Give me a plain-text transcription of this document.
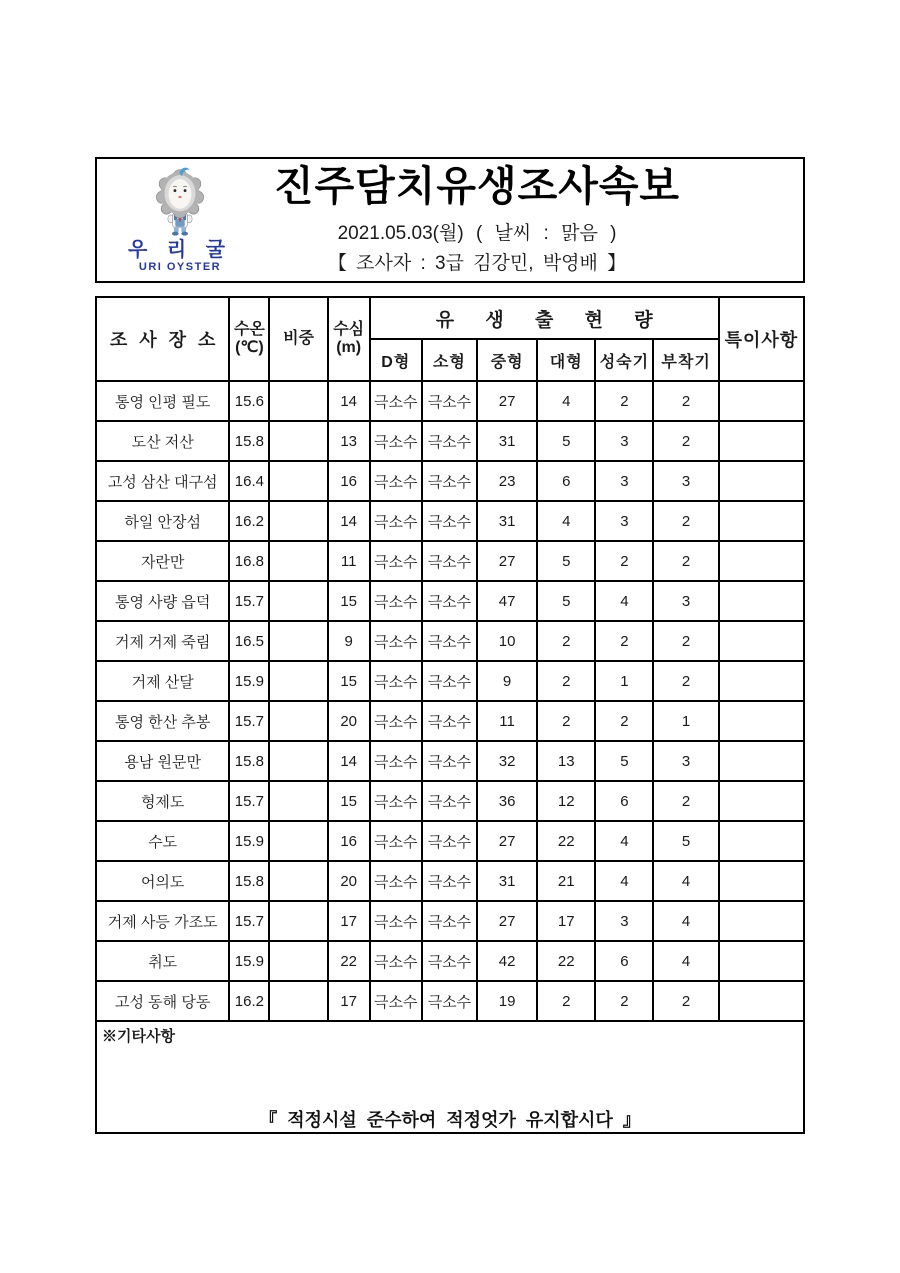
우 리 굴
URI OYSTER
진주담치유생조사속보
2021.05.03(월) ( 날씨 : 맑음 )
【 조사자 : 3급 김강민, 박영배 】
조 사 장 소	
수온
(℃)
	비중	
수심
(m)
	유 생 출 현 량	특이사항
				D형	소형	중형	대형	성숙기	부착기	
통영 인평 필도	15.6		14	극소수	극소수	27	4	2	2	
도산 저산	15.8		13	극소수	극소수	31	5	3	2	
고성 삼산 대구섬	16.4		16	극소수	극소수	23	6	3	3	
하일 안장섬	16.2		14	극소수	극소수	31	4	3	2	
자란만	16.8		11	극소수	극소수	27	5	2	2	
통영 사량 읍덕	15.7		15	극소수	극소수	47	5	4	3	
거제 거제 죽림	16.5		9	극소수	극소수	10	2	2	2	
거제 산달	15.9		15	극소수	극소수	9	2	1	2	
통영 한산 추봉	15.7		20	극소수	극소수	11	2	2	1	
용남 원문만	15.8		14	극소수	극소수	32	13	5	3	
형제도	15.7		15	극소수	극소수	36	12	6	2	
수도	15.9		16	극소수	극소수	27	22	4	5	
어의도	15.8		20	극소수	극소수	31	21	4	4	
거제 사등 가조도	15.7		17	극소수	극소수	27	17	3	4	
취도	15.9		22	극소수	극소수	42	22	6	4	
고성 동해 당동	16.2		17	극소수	극소수	19	2	2	2	
※기타사항										
『 적정시설 준수하여 적정엇가 유지합시다 』
